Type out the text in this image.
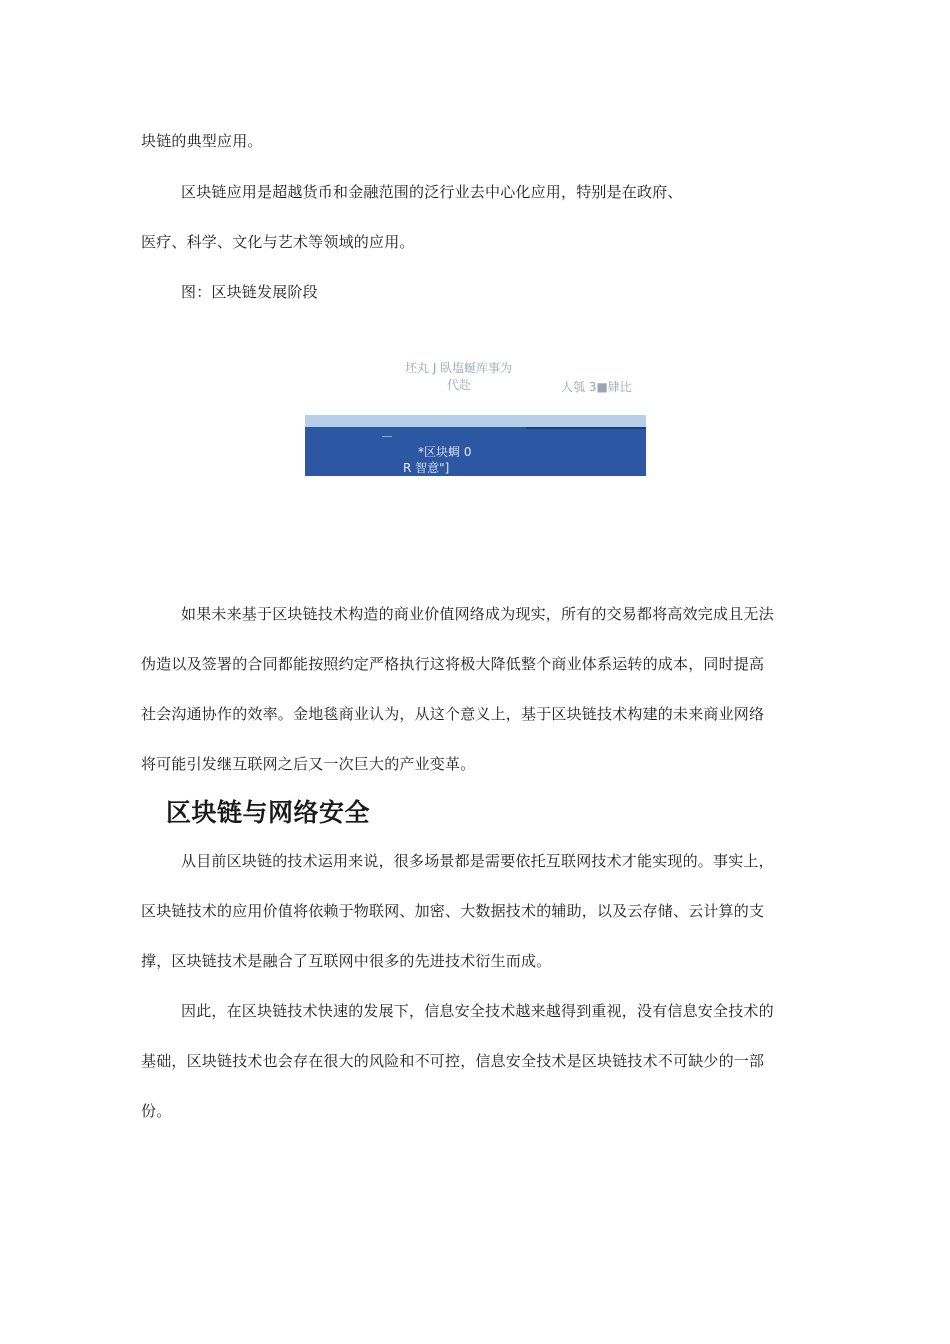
块链的典型应用。
区块链应用是超越货币和金融范围的泛行业去中心化应用，特别是在政府、
医疗、科学、文化与艺术等领域的应用。
图：区块链发展阶段
坯丸 J 臥塩蜒库事为
代赴	人瓠 3■肄比
*区块蜩 0
R 智意"]
如果未来基于区块链技术构造的商业价值网络成为现实，所有的交易都将高效完成且无法
伪造以及签署的合同都能按照约定严格执行这将极大降低整个商业体系运转的成本，同时提高
社会沟通协作的效率。金地毯商业认为，从这个意义上，基于区块链技术构建的未来商业网络
将可能引发继互联网之后又一次巨大的产业变革。
区块链与网络安全
从目前区块链的技术运用来说，很多场景都是需要依托互联网技术才能实现的。事实上，
区块链技术的应用价值将依赖于物联网、加密、大数据技术的辅助，以及云存储、云计算的支
撑，区块链技术是融合了互联网中很多的先进技术衍生而成。
因此，在区块链技术快速的发展下，信息安全技术越来越得到重视，没有信息安全技术的
基础，区块链技术也会存在很大的风险和不可控，信息安全技术是区块链技术不可缺少的一部
份。
